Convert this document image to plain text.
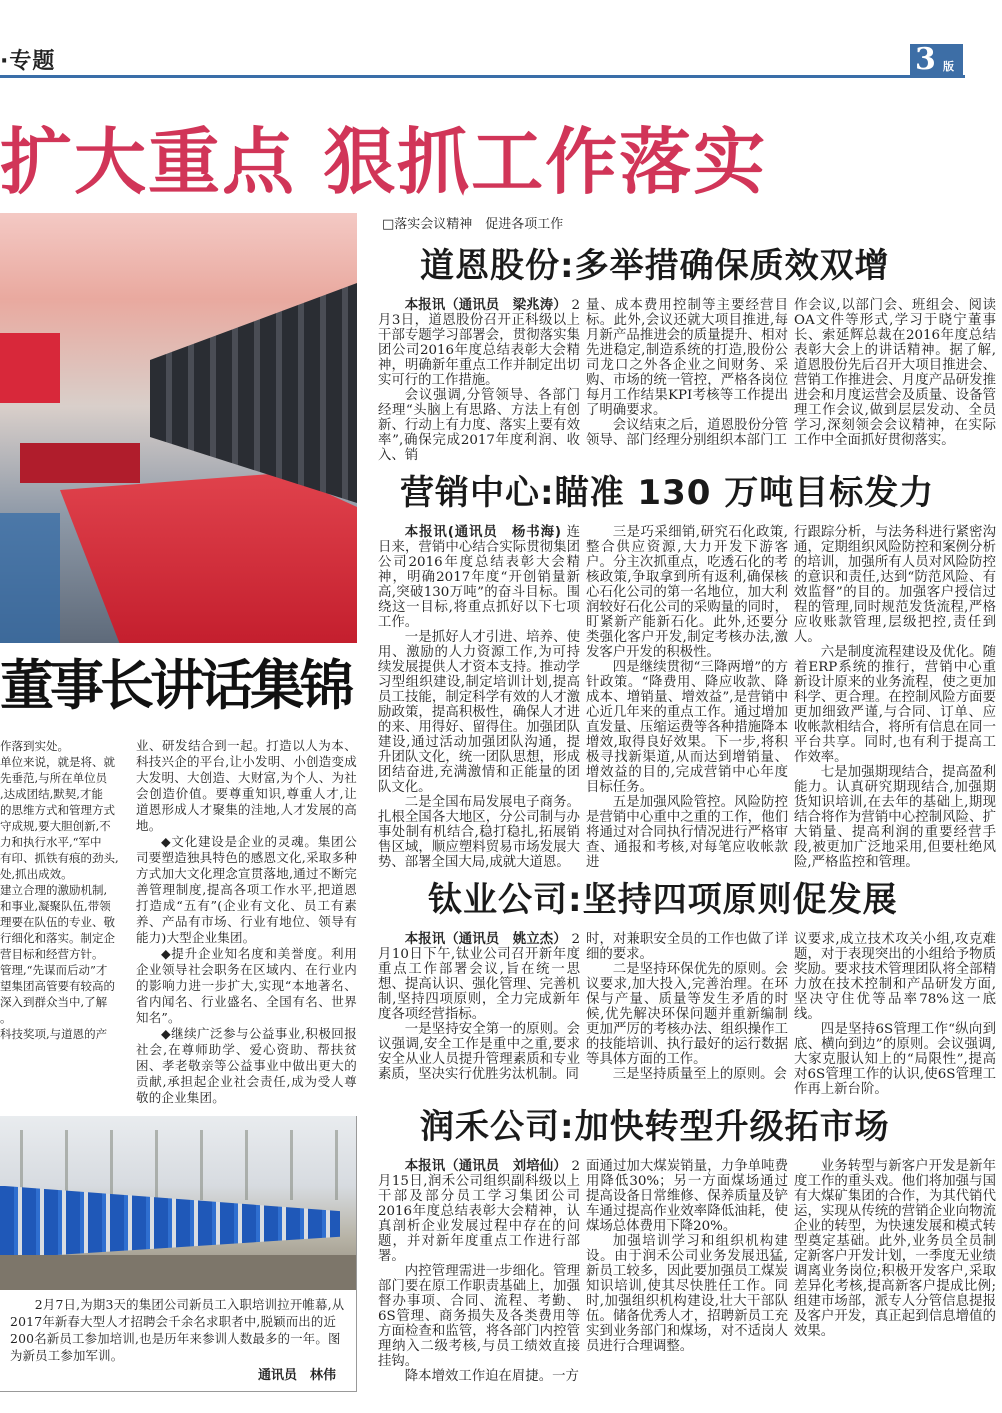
·专题	3 版
扩大重点 狠抓工作落实
□落实会议精神　促进各项工作
道恩股份:多举措确保质效双增

本报讯（通讯员　梁兆涛） 2月3日，道恩股份召开正科级以上干部专题学习部署会，贯彻落实集团公司2016年度总结表彰大会精神，明确新年重点工作并制定出切实可行的工作措施。

会议强调,分管领导、各部门经理“头脑上有思路、方法上有创新、行动上有力度、落实上要有效率”,确保完成2017年度利润、收入、销

量、成本费用控制等主要经营目标。此外,会议还就大项目推进,每月新产品推进会的质量提升、相对先进稳定,制造系统的打造,股份公司龙口之外各企业之间财务、采购、市场的统一管控，严格各岗位每月工作结果KPI考核等工作提出了明确要求。

会议结束之后，道恩股份分管领导、部门经理分别组织本部门工

作会议,以部门会、班组会、阅读OA文件等形式,学习于晓宁董事长、索延辉总裁在2016年度总结表彰大会上的讲话精神。据了解,道恩股份先后召开大项目推进会、营销工作推进会、月度产品研发推进会和月度运营会及质量、设备管理工作会议,做到层层发动、全员学习,深刻领会会议精神，在实际工作中全面抓好贯彻落实。

营销中心:瞄准 130 万吨目标发力

本报讯(通讯员　杨书海) 连日来，营销中心结合实际贯彻集团公司2016年度总结表彰大会精神，明确2017年度“开创销量新高,突破130万吨”的奋斗目标。围绕这一目标,将重点抓好以下七项工作。

一是抓好人才引进、培养、使用、激励的人力资源工作,为可持续发展提供人才资本支持。推动学习型组织建设,制定培训计划,提高员工技能，制定科学有效的人才激励政策，提高积极性，确保人才进的来、用得好、留得住。加强团队建设,通过活动加强团队沟通，提升团队文化，统一团队思想，形成团结奋进,充满激情和正能量的团队文化。

二是全国布局发展电子商务。扎根全国各大地区，分公司制与办事处制有机结合,稳打稳扎,拓展销售区域，顺应塑料贸易市场发展大势、部署全国大局,成就大道恩。

三是巧采细销,研究石化政策,整合供应资源,大力开发下游客户。分主次抓重点，吃透石化的考核政策,争取拿到所有返利,确保核心石化公司的第一名地位，加大利润较好石化公司的采购量的同时，盯紧新产能新石化。此外,还要分类强化客户开发,制定考核办法,激发客户开发的积极性。

四是继续贯彻“三降两增”的方针政策。“降费用、降应收款、降成本、增销量、增效益”,是营销中心近几年来的重点工作。通过增加直发量、压缩运费等各种措施降本增效,取得良好效果。下一步,将积极寻找新渠道,从而达到增销量、增效益的目的,完成营销中心年度目标任务。

五是加强风险管控。风险防控是营销中心重中之重的工作，他们将通过对合同执行情况进行严格审查、通报和考核,对每笔应收帐款进

行跟踪分析，与法务科进行紧密沟通，定期组织风险防控和案例分析的培训，加强所有人员对风险防控的意识和责任,达到“防范风险、有效监督”的目的。加强客户授信过程的管理,同时规范发货流程,严格应收账款管理,层级把控,责任到人。

六是制度流程建设及优化。随着ERP系统的推行，营销中心重新设计原来的业务流程，使之更加科学、更合理。在控制风险方面要更加细致严谨,与合同、订单、应收帐款相结合，将所有信息在同一平台共享。同时,也有利于提高工作效率。

七是加强期现结合，提高盈利能力。认真研究期现结合,加强期货知识培训,在去年的基础上,期现结合将作为营销中心控制风险、扩大销量、提高利润的重要经营手段,被更加广泛地采用,但要杜绝风险,严格监控和管理。

钛业公司:坚持四项原则促发展

本报讯（通讯员　姚立杰） 2月10日下午,钛业公司召开新年度重点工作部署会议,旨在统一思想、提高认识、强化管理、完善机制,坚持四项原则，全力完成新年度各项经营指标。

一是坚持安全第一的原则。会议强调,安全工作是重中之重,要求安全从业人员提升管理素质和专业素质，坚决实行优胜劣汰机制。同

时，对兼职安全员的工作也做了详细的要求。

二是坚持环保优先的原则。会议要求,加大投入,完善治理。在环保与产量、质量等发生矛盾的时候,优先解决环保问题并重新编制更加严厉的考核办法、组织操作工的技能培训、执行最好的运行数据等具体方面的工作。

三是坚持质量至上的原则。会

议要求,成立技术攻关小组,攻克难题，对于表现突出的小组给予物质奖励。要求技术管理团队将全部精力放在技术控制和产品研发方面,坚决守住优等品率78%这一底线。

四是坚持6S管理工作“纵向到底、横向到边”的原则。会议强调,大家克服认知上的“局限性”,提高对6S管理工作的认识,使6S管理工作再上新台阶。

润禾公司:加快转型升级拓市场

本报讯（通讯员　刘培仙） 2月15日,润禾公司组织副科级以上干部及部分员工学习集团公司2016年度总结表彰大会精神，认真剖析企业发展过程中存在的问题，并对新年度重点工作进行部署。

内控管理需进一步细化。管理部门要在原工作职责基础上，加强督办事项、合同、流程、考勤、6S管理、商务损失及各类费用等方面检查和监管，将各部门内控管理纳入二级考核,与员工绩效直接挂钩。

降本增效工作迫在眉捷。一方

面通过加大煤炭销量，力争单吨费用降低30%；另一方面煤场通过提高设备日常维修、保养质量及铲车通过提高作业效率降低油耗，使煤场总体费用下降20%。

加强培训学习和组织机构建设。由于润禾公司业务发展迅猛,新员工较多，因此要加强员工煤炭知识培训,使其尽快胜任工作。同时,加强组织机构建设,壮大干部队伍。储备优秀人才，招聘新员工充实到业务部门和煤场，对不适岗人员进行合理调整。

业务转型与新客户开发是新年度工作的重头戏。他们将加强与国有大煤矿集团的合作，为其代销代运，实现从传统的营销企业向物流企业的转型，为快速发展和模式转型奠定基础。此外,业务员全员制定新客户开发计划，一季度无业绩调离业务岗位;积极开发客户,采取差异化考核,提高新客户提成比例;组建市场部，派专人分管信息提报及客户开发，真正起到信息增值的效果。

董事长讲话集锦
作落到实处。
单位来说，就是将、就
先垂范,与所在单位员
,达成团结,默契,才能
的思维方式和管理方式
守成规,要大胆创新,不
力和执行水平,“军中
有印、抓铁有痕的劲头,
处,抓出成效。
建立合理的激励机制,
和事业,凝聚队伍,带领
理要在队伍的专业、敬
行细化和落实。制定企
营目标和经营方针。
管理,“先谋而后动”才
望集团高管要有较高的
深入到群众当中,了解
。
科技奖项,与道恩的产

业、研发结合到一起。打造以人为本、科技兴企的平台,让小发明、小创造变成大发明、大创造、大财富,为个人、为社会创造价值。要尊重知识,尊重人才,让道恩形成人才聚集的洼地,人才发展的高地。

◆文化建设是企业的灵魂。集团公司要塑造独具特色的感恩文化,采取多种方式加大文化理念宣贯落地,通过不断完善管理制度,提高各项工作水平,把道恩打造成“五有”(企业有文化、员工有素养、产品有市场、行业有地位、领导有能力)大型企业集团。

◆提升企业知名度和美誉度。利用企业领导社会职务在区域内、在行业内的影响力进一步扩大,实现“本地著名、省内闻名、行业盛名、全国有名、世界知名”。

◆继续广泛参与公益事业,积极回报社会,在尊师助学、爱心资助、帮扶贫困、孝老敬亲等公益事业中做出更大的贡献,承担起企业社会责任,成为受人尊敬的企业集团。

2月7日,为期3天的集团公司新员工入职培训拉开帷幕,从2017年新春大型人才招聘会千余名求职者中,脱颖而出的近200名新员工参加培训,也是历年来参训人数最多的一年。图为新员工参加军训。

通讯员　林伟
